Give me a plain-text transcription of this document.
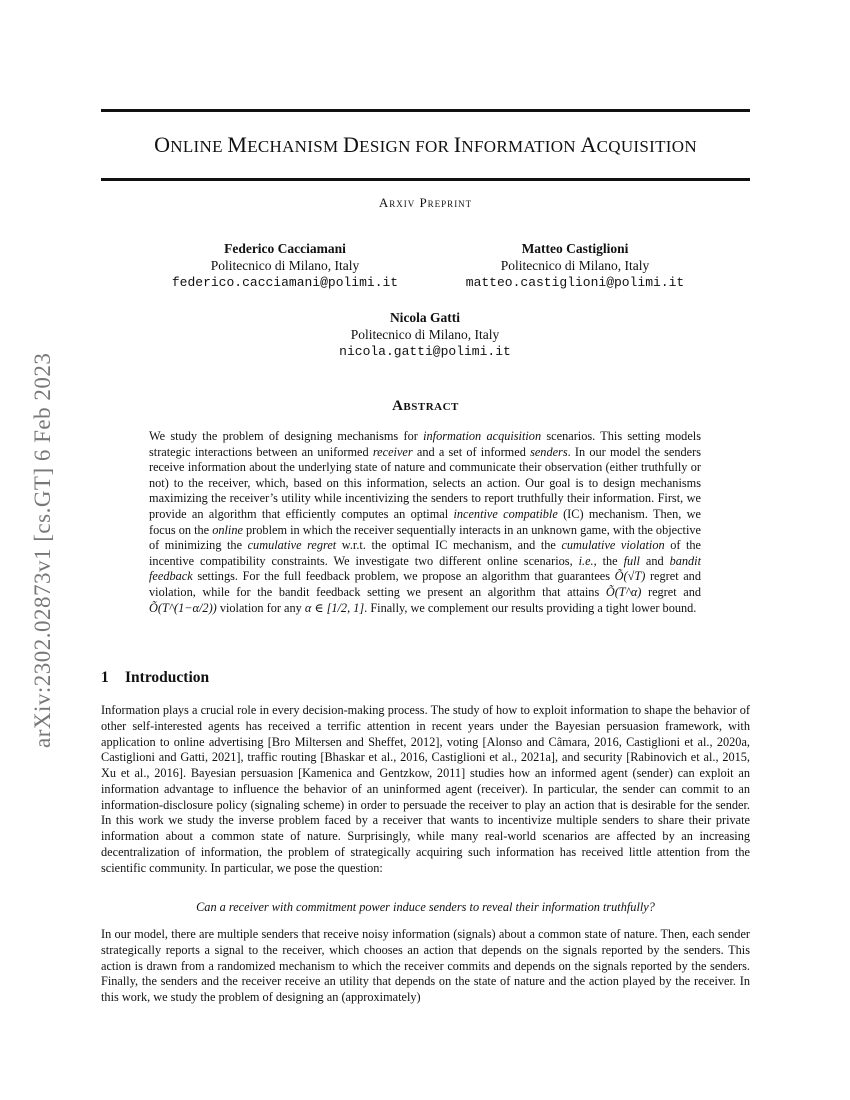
arXiv:2302.02873v1 [cs.GT] 6 Feb 2023
ONLINE MECHANISM DESIGN FOR INFORMATION ACQUISITION
Arxiv Preprint
Federico Cacciamani
Politecnico di Milano, Italy
federico.cacciamani@polimi.it
Matteo Castiglioni
Politecnico di Milano, Italy
matteo.castiglioni@polimi.it
Nicola Gatti
Politecnico di Milano, Italy
nicola.gatti@polimi.it
Abstract
We study the problem of designing mechanisms for information acquisition scenarios. This setting models strategic interactions between an uniformed receiver and a set of informed senders. In our model the senders receive information about the underlying state of nature and communicate their observation (either truthfully or not) to the receiver, which, based on this information, selects an action. Our goal is to design mechanisms maximizing the receiver’s utility while incentivizing the senders to report truthfully their information. First, we provide an algorithm that efficiently computes an optimal incentive compatible (IC) mechanism. Then, we focus on the online problem in which the receiver sequentially interacts in an unknown game, with the objective of minimizing the cumulative regret w.r.t. the optimal IC mechanism, and the cumulative violation of the incentive compatibility constraints. We investigate two different online scenarios, i.e., the full and bandit feedback settings. For the full feedback problem, we propose an algorithm that guarantees Õ(√T) regret and violation, while for the bandit feedback setting we present an algorithm that attains Õ(T^α) regret and Õ(T^(1−α/2)) violation for any α ∈ [1/2, 1]. Finally, we complement our results providing a tight lower bound.
1 Introduction
Information plays a crucial role in every decision-making process. The study of how to exploit information to shape the behavior of other self-interested agents has received a terrific attention in recent years under the Bayesian persuasion framework, with application to online advertising [Bro Miltersen and Sheffet, 2012], voting [Alonso and Câmara, 2016, Castiglioni et al., 2020a, Castiglioni and Gatti, 2021], traffic routing [Bhaskar et al., 2016, Castiglioni et al., 2021a], and security [Rabinovich et al., 2015, Xu et al., 2016]. Bayesian persuasion [Kamenica and Gentzkow, 2011] studies how an informed agent (sender) can exploit an information advantage to influence the behavior of an uninformed agent (receiver). In particular, the sender can commit to an information-disclosure policy (signaling scheme) in order to persuade the receiver to play an action that is desirable for the sender. In this work we study the inverse problem faced by a receiver that wants to incentivize multiple senders to share their private information about a common state of nature. Surprisingly, while many real-world scenarios are affected by an increasing decentralization of information, the problem of strategically acquiring such information has received little attention from the scientific community. In particular, we pose the question:
Can a receiver with commitment power induce senders to reveal their information truthfully?
In our model, there are multiple senders that receive noisy information (signals) about a common state of nature. Then, each sender strategically reports a signal to the receiver, which chooses an action that depends on the signals reported by the senders. This action is drawn from a randomized mechanism to which the receiver commits and depends on the signals reported by the senders. Finally, the senders and the receiver receive an utility that depends on the state of nature and the action played by the receiver. In this work, we study the problem of designing an (approximately)
